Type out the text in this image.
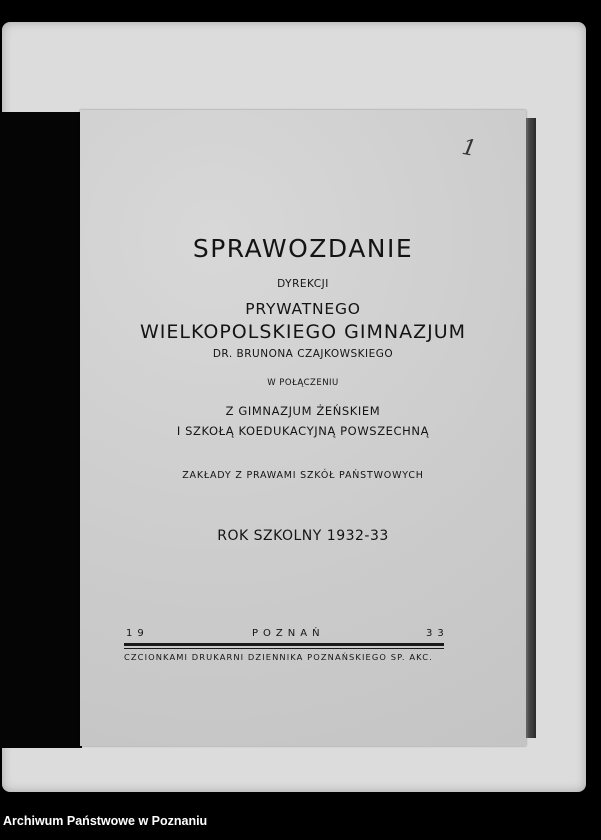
1
SPRAWOZDANIE
DYREKCJI
PRYWATNEGO
WIELKOPOLSKIEGO GIMNAZJUM
DR. BRUNONA CZAJKOWSKIEGO
W POŁĄCZENIU
Z GIMNAZJUM ŻEŃSKIEM
I SZKOŁĄ KOEDUKACYJNĄ POWSZECHNĄ
ZAKŁADY Z PRAWAMI SZKÓŁ PAŃSTWOWYCH
ROK SZKOLNY 1932-33
19	POZNAŃ	33
CZCIONKAMI DRUKARNI DZIENNIKA POZNAŃSKIEGO SP. AKC.
Archiwum Państwowe w Poznaniu
